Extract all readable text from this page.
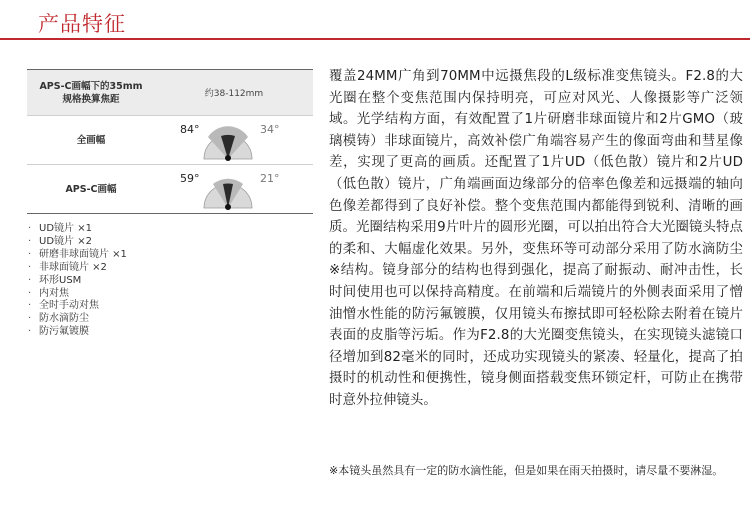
产品特征
APS-C画幅下的35mm
规格换算焦距	约38-112mm
全画幅	84° 34°

APS-C画幅	59° 21°
· UD镜片 ×1
· UD镜片 ×2
· 研磨非球面镜片 ×1
· 非球面镜片 ×2
· 环形USM
· 内对焦
· 全时手动对焦
· 防水滴防尘
· 防污氟镀膜

覆盖24MM广角到70MM中远摄焦段的L级标准变焦镜头。F2.8的大光圈在整个变焦范围内保持明亮，可应对风光、人像摄影等广泛领域。光学结构方面，有效配置了1片研磨非球面镜片和2片GMO（玻璃模铸）非球面镜片，高效补偿广角端容易产生的像面弯曲和彗星像差，实现了更高的画质。还配置了1片UD（低色散）镜片和2片UD（低色散）镜片，广角端画面边缘部分的倍率色像差和远摄端的轴向色像差都得到了良好补偿。整个变焦范围内都能得到锐利、清晰的画质。光圈结构采用9片叶片的圆形光圈，可以拍出符合大光圈镜头特点的柔和、大幅虚化效果。另外，变焦环等可动部分采用了防水滴防尘※结构。镜身部分的结构也得到强化，提高了耐振动、耐冲击性，长时间使用也可以保持高精度。在前端和后端镜片的外侧表面采用了憎油憎水性能的防污氟镀膜，仅用镜头布擦拭即可轻松除去附着在镜片表面的皮脂等污垢。作为F2.8的大光圈变焦镜头，在实现镜头滤镜口径增加到82毫米的同时，还成功实现镜头的紧凑、轻量化，提高了拍摄时的机动性和便携性，镜身侧面搭载变焦环锁定杆，可防止在携带时意外拉伸镜头。

※本镜头虽然具有一定的防水滴性能，但是如果在雨天拍摄时，请尽量不要淋湿。
